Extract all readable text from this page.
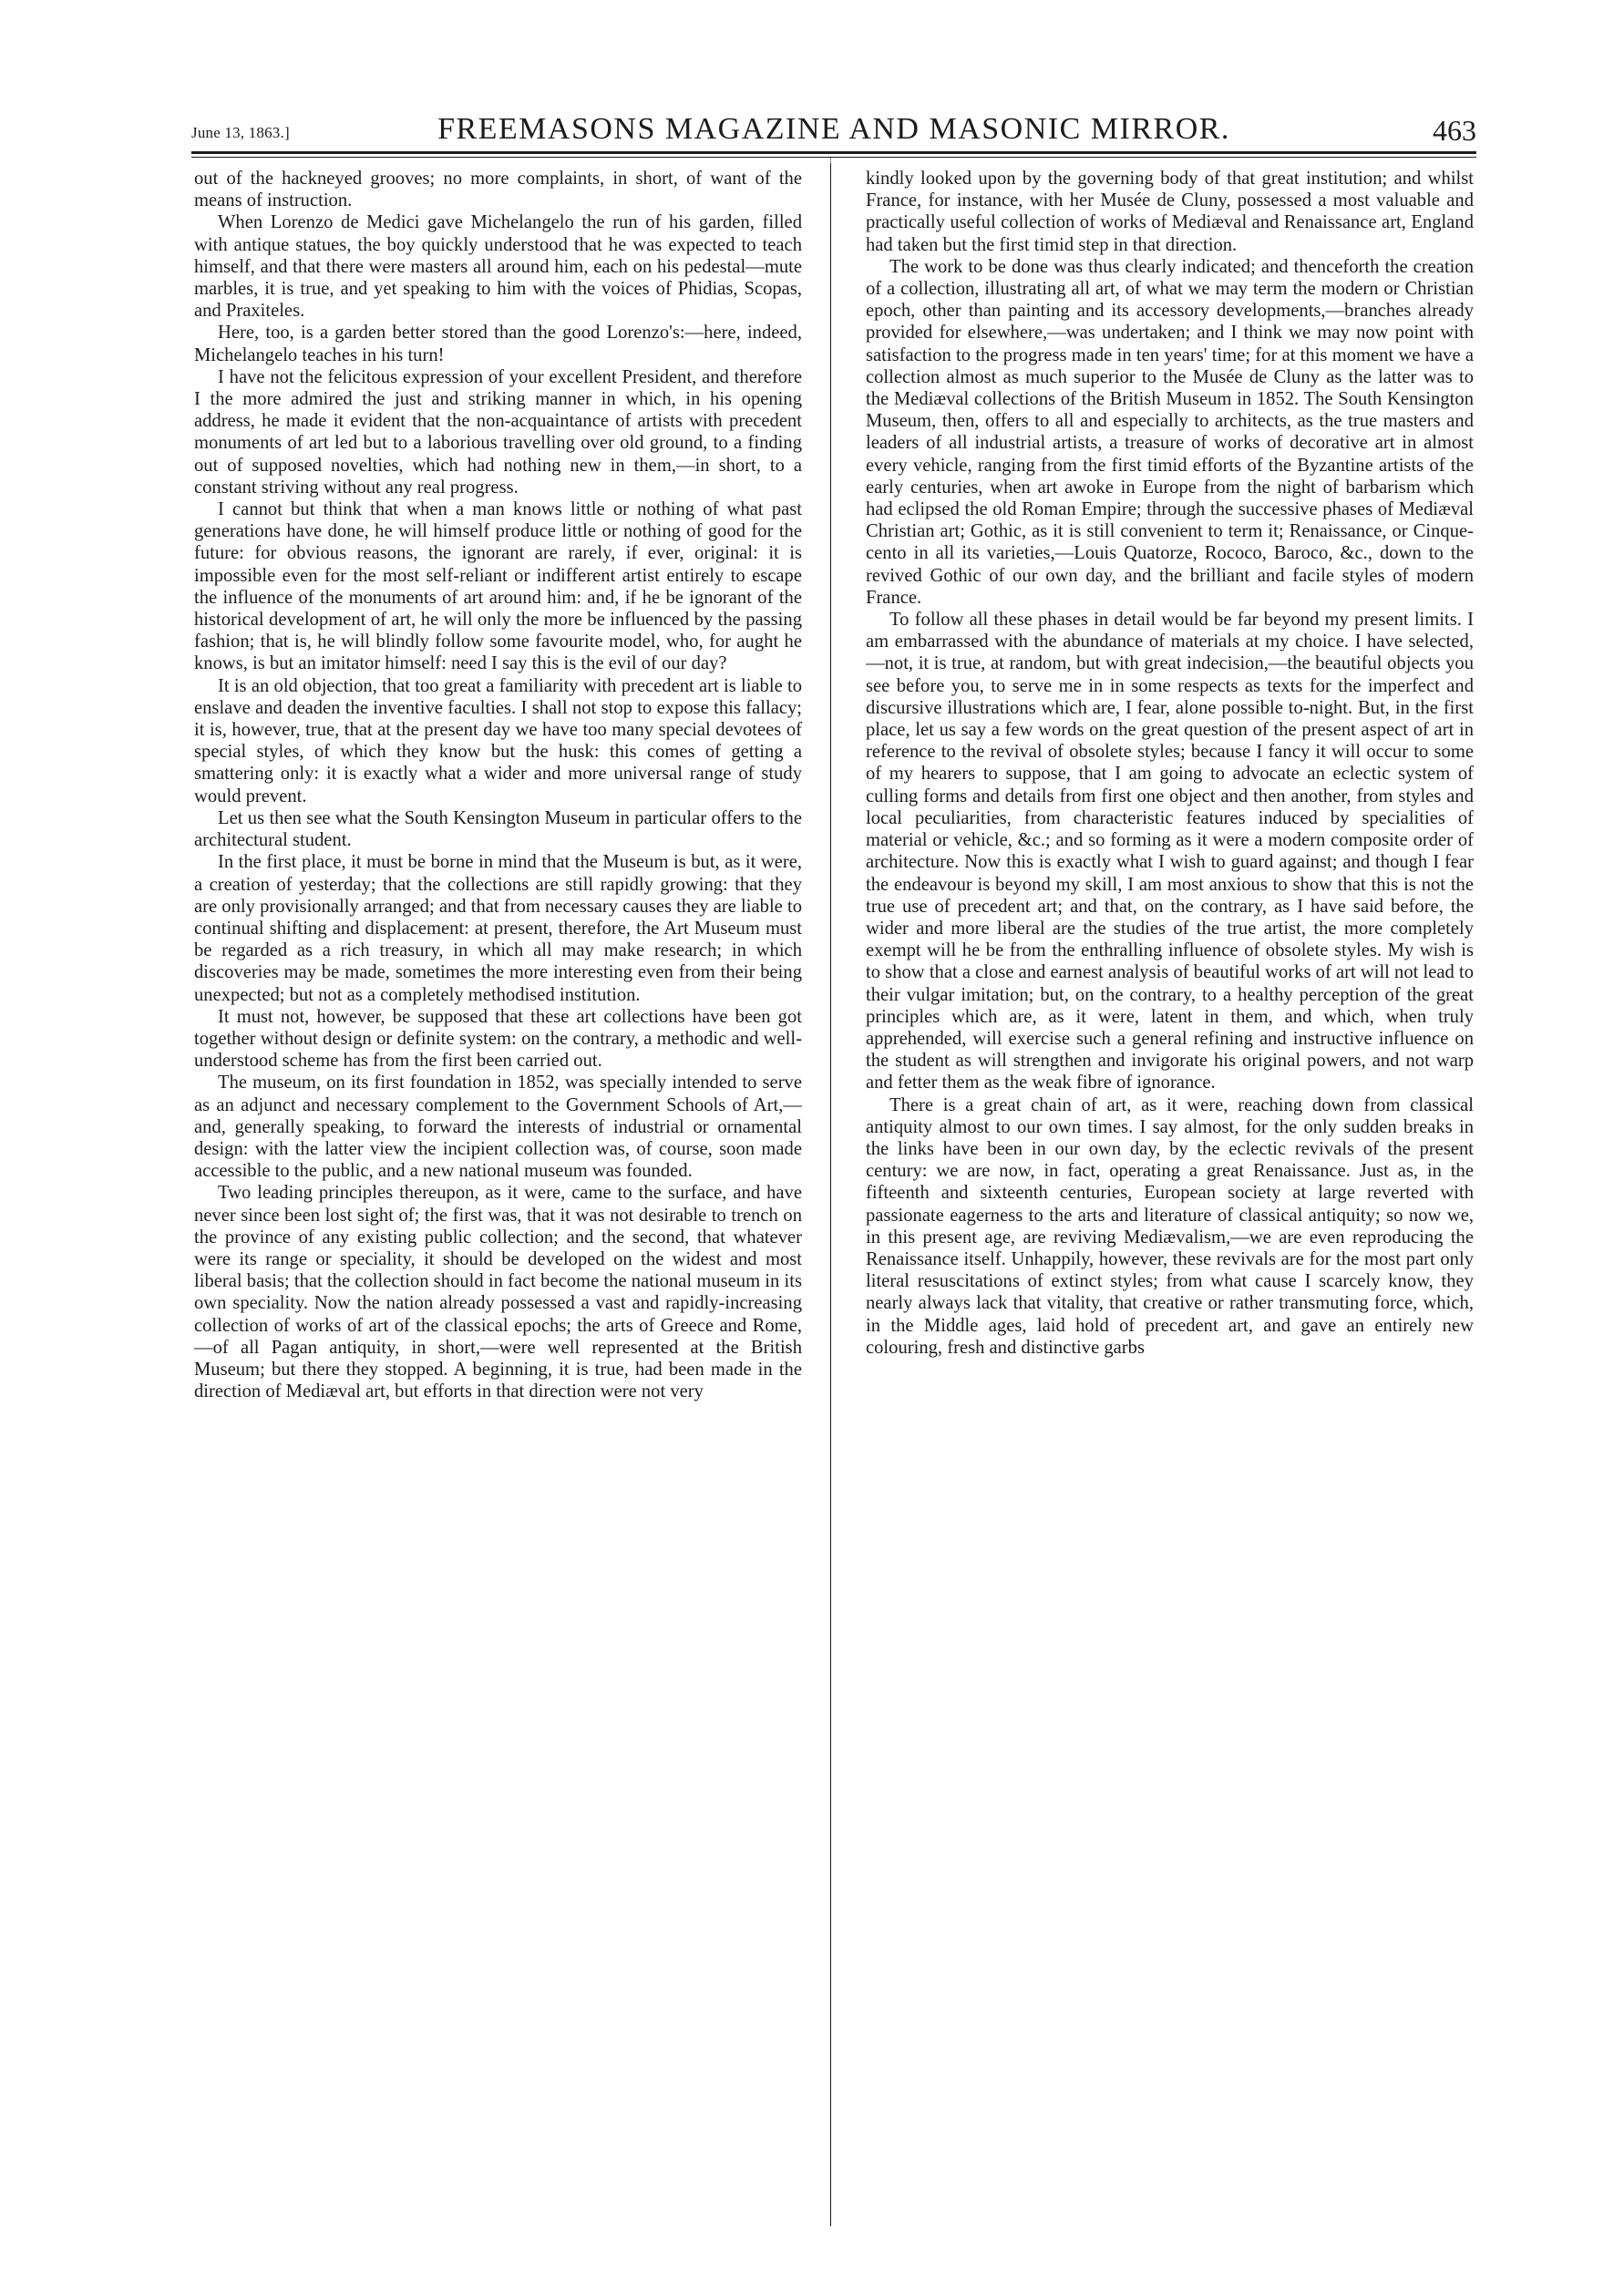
June 13, 1863.]	FREEMASONS MAGAZINE AND MASONIC MIRROR.	463

out of the hackneyed grooves; no more complaints, in short, of want of the means of instruction.

When Lorenzo de Medici gave Michelangelo the run of his garden, filled with antique statues, the boy quickly understood that he was expected to teach himself, and that there were masters all around him, each on his pedestal—mute marbles, it is true, and yet speaking to him with the voices of Phidias, Scopas, and Praxiteles.

Here, too, is a garden better stored than the good Lorenzo's:—here, indeed, Michelangelo teaches in his turn!

I have not the felicitous expression of your excellent President, and therefore I the more admired the just and striking manner in which, in his opening address, he made it evident that the non-acquaintance of artists with precedent monuments of art led but to a laborious travelling over old ground, to a finding out of supposed novelties, which had nothing new in them,—in short, to a constant striving without any real progress.

I cannot but think that when a man knows little or nothing of what past generations have done, he will himself produce little or nothing of good for the future: for obvious reasons, the ignorant are rarely, if ever, original: it is impossible even for the most self-reliant or indifferent artist entirely to escape the influence of the monuments of art around him: and, if he be ignorant of the historical development of art, he will only the more be influenced by the passing fashion; that is, he will blindly follow some favourite model, who, for aught he knows, is but an imitator himself: need I say this is the evil of our day?

It is an old objection, that too great a familiarity with precedent art is liable to enslave and deaden the inventive faculties. I shall not stop to expose this fallacy; it is, however, true, that at the present day we have too many special devotees of special styles, of which they know but the husk: this comes of getting a smattering only: it is exactly what a wider and more universal range of study would prevent.

Let us then see what the South Kensington Museum in particular offers to the architectural student.

In the first place, it must be borne in mind that the Museum is but, as it were, a creation of yesterday; that the collections are still rapidly growing: that they are only provisionally arranged; and that from necessary causes they are liable to continual shifting and displacement: at present, therefore, the Art Museum must be regarded as a rich treasury, in which all may make research; in which discoveries may be made, sometimes the more interesting even from their being unexpected; but not as a completely methodised institution.

It must not, however, be supposed that these art collections have been got together without design or definite system: on the contrary, a methodic and well-understood scheme has from the first been carried out.

The museum, on its first foundation in 1852, was specially intended to serve as an adjunct and necessary complement to the Government Schools of Art,—and, generally speaking, to forward the interests of industrial or ornamental design: with the latter view the incipient collection was, of course, soon made accessible to the public, and a new national museum was founded.

Two leading principles thereupon, as it were, came to the surface, and have never since been lost sight of; the first was, that it was not desirable to trench on the province of any existing public collection; and the second, that whatever were its range or speciality, it should be developed on the widest and most liberal basis; that the collection should in fact become the national museum in its own speciality. Now the nation already possessed a vast and rapidly-increasing collection of works of art of the classical epochs; the arts of Greece and Rome,—of all Pagan antiquity, in short,—were well represented at the British Museum; but there they stopped. A beginning, it is true, had been made in the direction of Mediæval art, but efforts in that direction were not very

kindly looked upon by the governing body of that great institution; and whilst France, for instance, with her Musée de Cluny, possessed a most valuable and practically useful collection of works of Mediæval and Renaissance art, England had taken but the first timid step in that direction.

The work to be done was thus clearly indicated; and thenceforth the creation of a collection, illustrating all art, of what we may term the modern or Christian epoch, other than painting and its accessory developments,—branches already provided for elsewhere,—was undertaken; and I think we may now point with satisfaction to the progress made in ten years' time; for at this moment we have a collection almost as much superior to the Musée de Cluny as the latter was to the Mediæval collections of the British Museum in 1852. The South Kensington Museum, then, offers to all and especially to architects, as the true masters and leaders of all industrial artists, a treasure of works of decorative art in almost every vehicle, ranging from the first timid efforts of the Byzantine artists of the early centuries, when art awoke in Europe from the night of barbarism which had eclipsed the old Roman Empire; through the successive phases of Mediæval Christian art; Gothic, as it is still convenient to term it; Renaissance, or Cinque-cento in all its varieties,—Louis Quatorze, Rococo, Baroco, &c., down to the revived Gothic of our own day, and the brilliant and facile styles of modern France.

To follow all these phases in detail would be far beyond my present limits. I am embarrassed with the abundance of materials at my choice. I have selected,—not, it is true, at random, but with great indecision,—the beautiful objects you see before you, to serve me in in some respects as texts for the imperfect and discursive illustrations which are, I fear, alone possible to-night. But, in the first place, let us say a few words on the great question of the present aspect of art in reference to the revival of obsolete styles; because I fancy it will occur to some of my hearers to suppose, that I am going to advocate an eclectic system of culling forms and details from first one object and then another, from styles and local peculiarities, from characteristic features induced by specialities of material or vehicle, &c.; and so forming as it were a modern composite order of architecture. Now this is exactly what I wish to guard against; and though I fear the endeavour is beyond my skill, I am most anxious to show that this is not the true use of precedent art; and that, on the contrary, as I have said before, the wider and more liberal are the studies of the true artist, the more completely exempt will he be from the enthralling influence of obsolete styles. My wish is to show that a close and earnest analysis of beautiful works of art will not lead to their vulgar imitation; but, on the contrary, to a healthy perception of the great principles which are, as it were, latent in them, and which, when truly apprehended, will exercise such a general refining and instructive influence on the student as will strengthen and invigorate his original powers, and not warp and fetter them as the weak fibre of ignorance.

There is a great chain of art, as it were, reaching down from classical antiquity almost to our own times. I say almost, for the only sudden breaks in the links have been in our own day, by the eclectic revivals of the present century: we are now, in fact, operating a great Renaissance. Just as, in the fifteenth and sixteenth centuries, European society at large reverted with passionate eagerness to the arts and literature of classical antiquity; so now we, in this present age, are reviving Mediævalism,—we are even reproducing the Renaissance itself. Unhappily, however, these revivals are for the most part only literal resuscitations of extinct styles; from what cause I scarcely know, they nearly always lack that vitality, that creative or rather transmuting force, which, in the Middle ages, laid hold of precedent art, and gave an entirely new colouring, fresh and distinctive garbs
